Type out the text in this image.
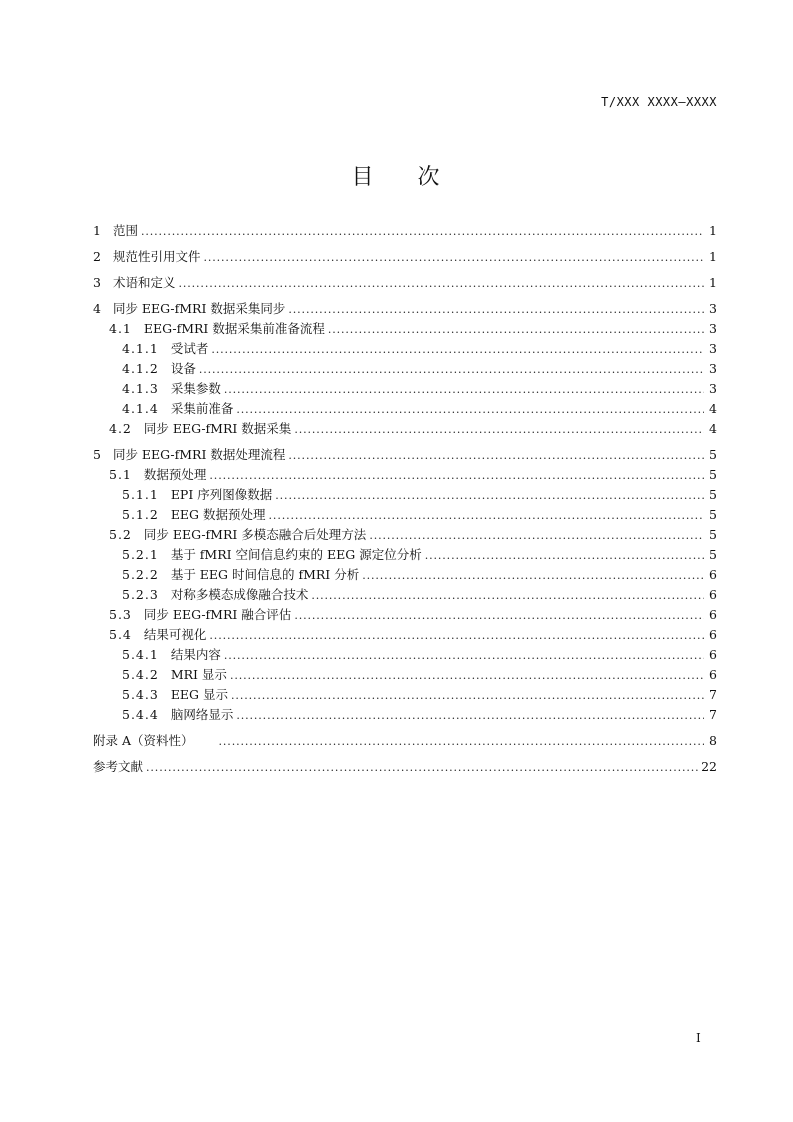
T/XXX XXXX—XXXX
目 次
1 范围 . . .	1
2 规范性引用文件 . . .	1
3 术语和定义 . . .	1
4 同步 EEG-fMRI 数据采集同步 . . .	3
4.1 EEG-fMRI 数据采集前准备流程 . . .	3
4.1.1 受试者 . . .	3
4.1.2 设备 . . .	3
4.1.3 采集参数 . . .	3
4.1.4 采集前准备 . . .	4
4.2 同步 EEG-fMRI 数据采集 . . .	4
5 同步 EEG-fMRI 数据处理流程 . . .	5
5.1 数据预处理 . . .	5
5.1.1 EPI 序列图像数据 . . .	5
5.1.2 EEG 数据预处理 . . .	5
5.2 同步 EEG-fMRI 多模态融合后处理方法 . . .	5
5.2.1 基于 fMRI 空间信息约束的 EEG 源定位分析 . . .	5
5.2.2 基于 EEG 时间信息的 fMRI 分析 . . .	6
5.2.3 对称多模态成像融合技术 . . .	6
5.3 同步 EEG-fMRI 融合评估 . . .	6
5.4 结果可视化 . . .	6
5.4.1 结果内容 . . .	6
5.4.2 MRI 显示 . . .	6
5.4.3 EEG 显示 . . .	7
5.4.4 脑网络显示 . . .	7
附录 A（资料性） . . .	8
参考文献 . . .	22
I
